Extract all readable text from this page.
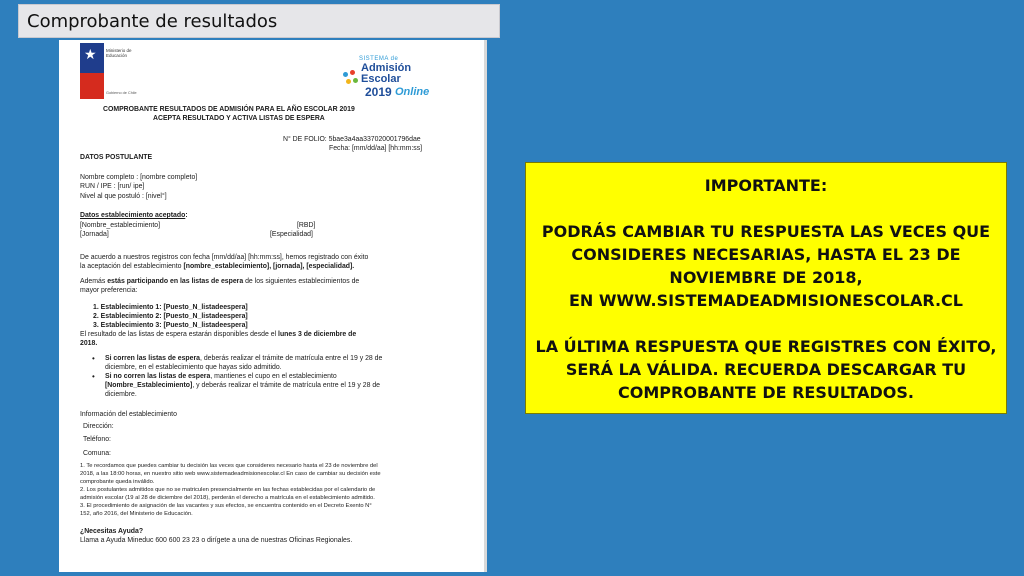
Comprobante de resultados
★ Ministerio de
Educación
Gobierno de Chile
SISTEMA de
Admisión
Escolar
2019 Online
COMPROBANTE RESULTADOS DE ADMISIÓN PARA EL AÑO ESCOLAR 2019
ACEPTA RESULTADO Y ACTIVA LISTAS DE ESPERA
N° DE FOLIO: 5bae3a4aa337020001796dae
Fecha: [mm/dd/aa] [hh:mm:ss]
DATOS POSTULANTE
Nombre completo : [nombre completo]
RUN / IPE : [run/ ipe]
Nivel al que postuló : [nivel°]
Datos establecimiento aceptado:
[Nombre_establecimiento]	[RBD]
[Jornada]	[Especialidad]
De acuerdo a nuestros registros con fecha [mm/dd/aa] [hh:mm:ss], hemos registrado con éxito
la aceptación del establecimiento [nombre_establecimiento], [jornada], [especialidad].
Además estás participando en las listas de espera de los siguientes establecimientos de
mayor preferencia:
1. Establecimiento 1: [Puesto_N_listadeespera]
2. Establecimiento 2: [Puesto_N_listadeespera]
3. Establecimiento 3: [Puesto_N_listadeespera]
El resultado de las listas de espera estarán disponibles desde el lunes 3 de diciembre de
2018.
• Si corren las listas de espera, deberás realizar el trámite de matrícula entre el 19 y 28 de
diciembre, en el establecimiento que hayas sido admitido.
• Si no corren las listas de espera, mantienes el cupo en el establecimiento
[Nombre_Establecimiento], y deberás realizar el trámite de matrícula entre el 19 y 28 de
diciembre.
Información del establecimiento
Dirección:
Teléfono:
Comuna:
1. Te recordamos que puedes cambiar tu decisión las veces que consideres necesario hasta el 23 de noviembre del
2018, a las 18:00 horas, en nuestro sitio web www.sistemadeadmisionescolar.cl En caso de cambiar su decisión este
comprobante queda inválido.
2. Los postulantes admitidos que no se matriculen presencialmente en las fechas establecidas por el calendario de
admisión escolar (19 al 28 de diciembre del 2018), perderán el derecho a matrícula en el establecimiento admitido.
3. El procedimiento de asignación de las vacantes y sus efectos, se encuentra contenido en el Decreto Exento N°
152, año 2016, del Ministerio de Educación.
¿Necesitas Ayuda?
Llama a Ayuda Mineduc 600 600 23 23 o dirígete a una de nuestras Oficinas Regionales.
IMPORTANTE:
PODRÁS CAMBIAR TU RESPUESTA LAS VECES QUE
CONSIDERES NECESARIAS, HASTA EL 23 DE
NOVIEMBRE DE 2018,
EN WWW.SISTEMADEADMISIONESCOLAR.CL
LA ÚLTIMA RESPUESTA QUE REGISTRES CON ÉXITO,
SERÁ LA VÁLIDA. RECUERDA DESCARGAR TU
COMPROBANTE DE RESULTADOS.
